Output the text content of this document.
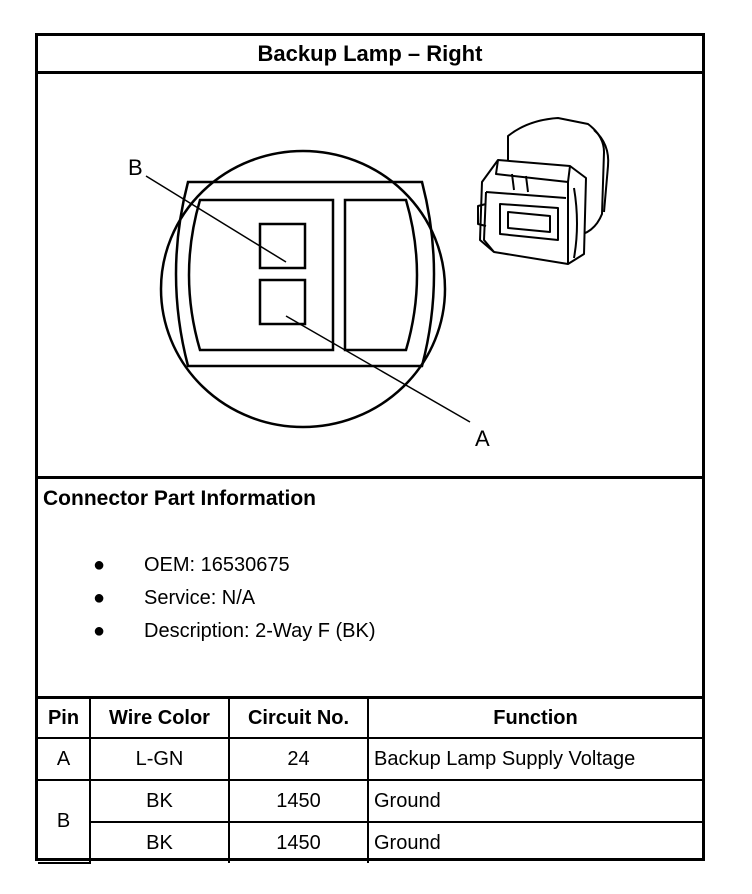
Backup Lamp – Right
B
A
Connector Part Information
● OEM: 16530675
● Service: N/A
● Description: 2-Way F (BK)
Pin	Wire Color	Circuit No.	Function
A	L-GN	24	Backup Lamp Supply Voltage
B	BK	1450	Ground
	BK	1450	Ground
